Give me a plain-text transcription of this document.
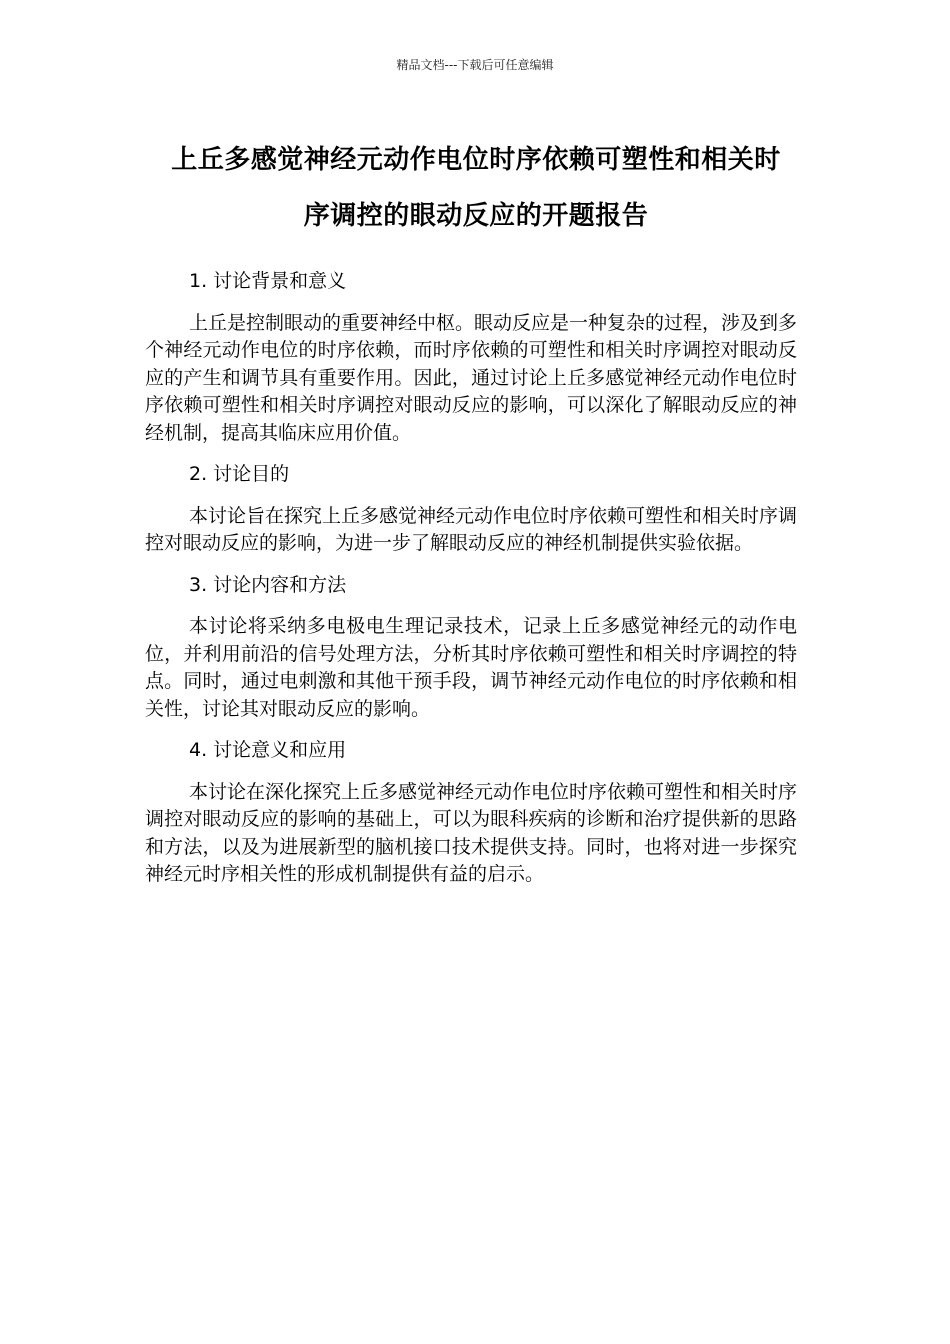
精品文档---下载后可任意编辑
上丘多感觉神经元动作电位时序依赖可塑性和相关时
序调控的眼动反应的开题报告

1. 讨论背景和意义

上丘是控制眼动的重要神经中枢。眼动反应是一种复杂的过程，涉及到多个神经元动作电位的时序依赖，而时序依赖的可塑性和相关时序调控对眼动反应的产生和调节具有重要作用。因此，通过讨论上丘多感觉神经元动作电位时序依赖可塑性和相关时序调控对眼动反应的影响，可以深化了解眼动反应的神经机制，提高其临床应用价值。

2. 讨论目的

本讨论旨在探究上丘多感觉神经元动作电位时序依赖可塑性和相关时序调控对眼动反应的影响，为进一步了解眼动反应的神经机制提供实验依据。

3. 讨论内容和方法

本讨论将采纳多电极电生理记录技术，记录上丘多感觉神经元的动作电位，并利用前沿的信号处理方法，分析其时序依赖可塑性和相关时序调控的特点。同时，通过电刺激和其他干预手段，调节神经元动作电位的时序依赖和相关性，讨论其对眼动反应的影响。

4. 讨论意义和应用

本讨论在深化探究上丘多感觉神经元动作电位时序依赖可塑性和相关时序调控对眼动反应的影响的基础上，可以为眼科疾病的诊断和治疗提供新的思路和方法，以及为进展新型的脑机接口技术提供支持。同时，也将对进一步探究神经元时序相关性的形成机制提供有益的启示。
